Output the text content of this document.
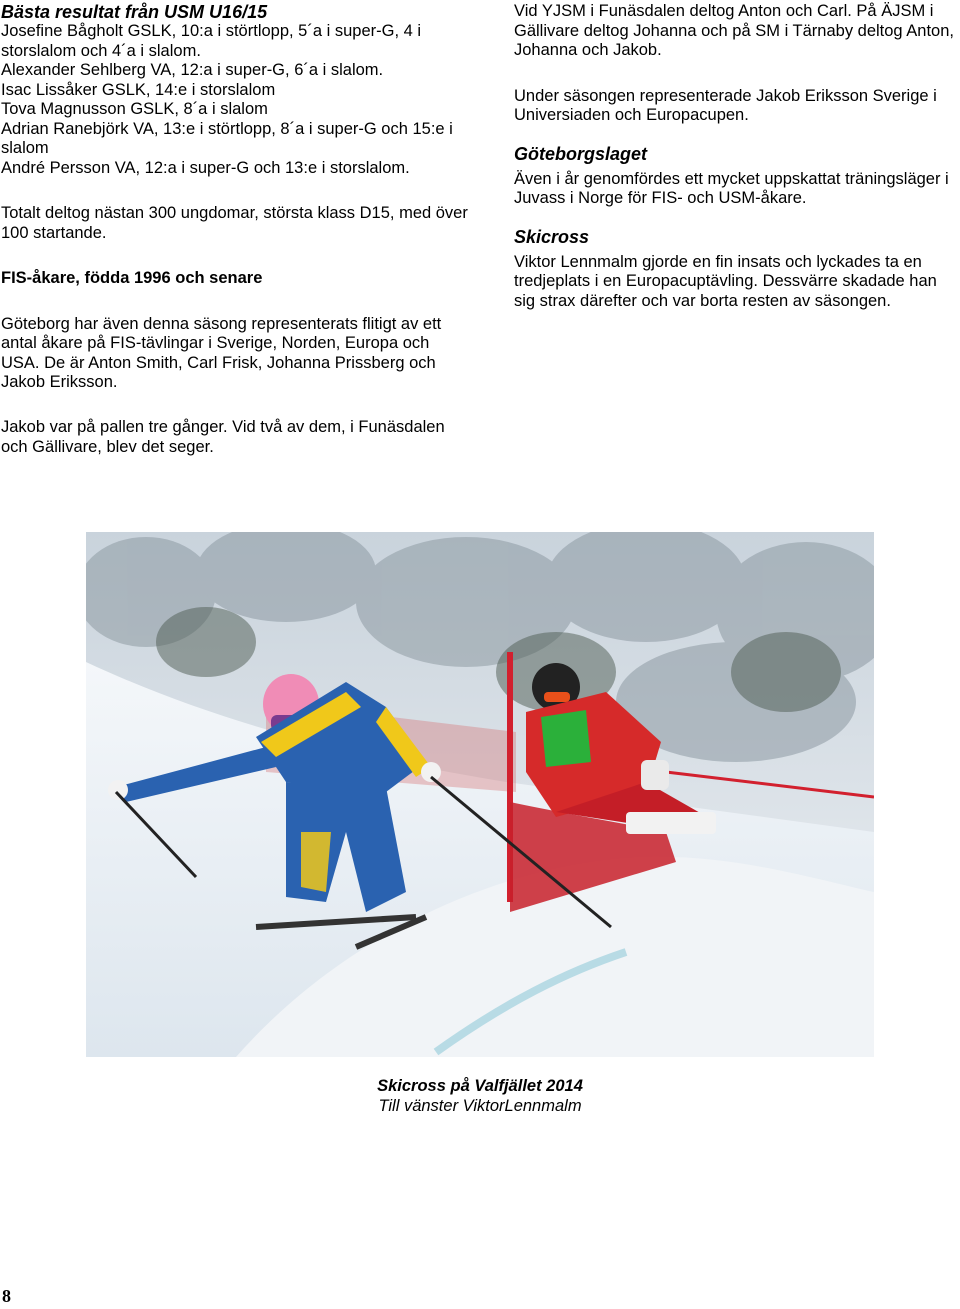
Bästa resultat från USM U16/15

Josefine Bågholt GSLK, 10:a i störtlopp, 5´a i super-G, 4 i storslalom och 4´a i slalom.

Alexander Sehlberg VA, 12:a i super-G, 6´a i slalom.

Isac Lissåker GSLK, 14:e i storslalom

Tova Magnusson GSLK, 8´a i slalom

Adrian Ranebjörk VA, 13:e i störtlopp, 8´a i super-G och 15:e i slalom

André Persson VA, 12:a i super-G och 13:e i storslalom.

Totalt deltog nästan 300 ungdomar, största klass D15, med över 100 startande.

FIS-åkare, födda 1996 och senare

Göteborg har även denna säsong representerats flitigt av ett antal åkare på FIS-tävlingar i Sverige, Norden, Europa och USA. De är Anton Smith, Carl Frisk, Johanna Prissberg och Jakob Eriksson.

Jakob var på pallen tre gånger. Vid två av dem, i Funäsdalen och Gällivare, blev det seger.

Vid YJSM i Funäsdalen deltog Anton och Carl. På ÄJSM i Gällivare deltog Johanna och på SM i Tärnaby deltog Anton, Johanna och Jakob.

Under säsongen representerade Jakob Eriksson Sverige i Universiaden och Europacupen.

Göteborgslaget

Även i år genomfördes ett mycket uppskattat träningsläger i Juvass i Norge för FIS- och USM-åkare.

Skicross

Viktor Lennmalm gjorde en fin insats och lyckades ta en tredjeplats i en Europacuptävling. Dessvärre skadade han sig strax därefter och var borta resten av säsongen.

Skicross på Valfjället 2014

Till vänster ViktorLennmalm

8
